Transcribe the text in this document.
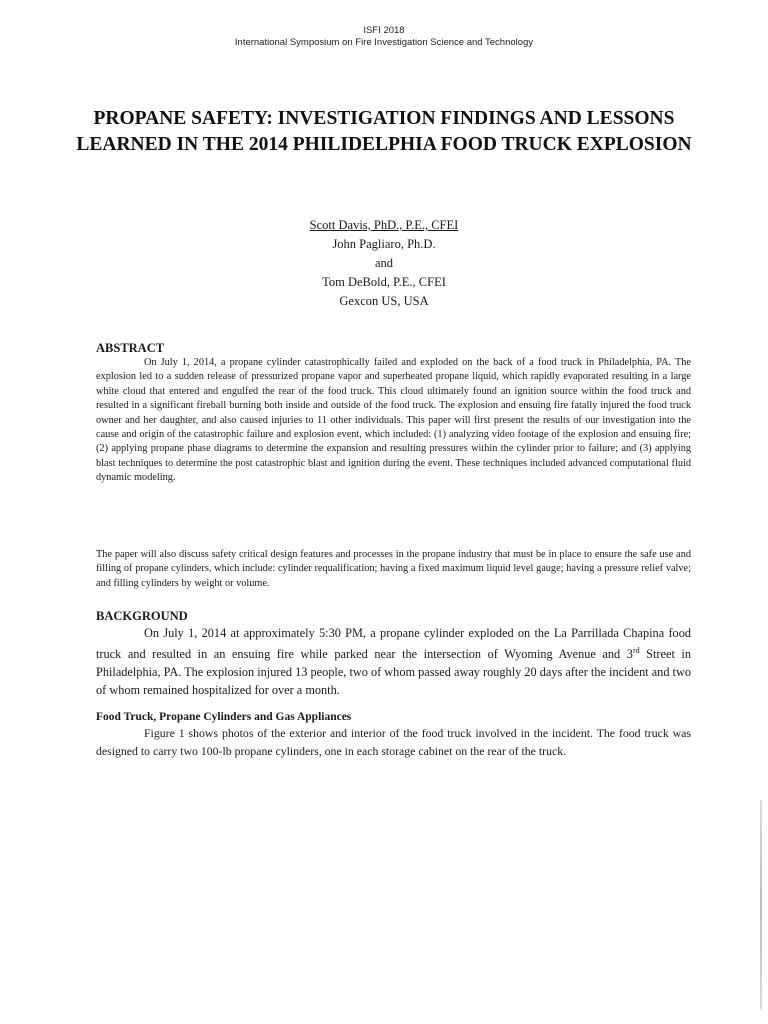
ISFI 2018
International Symposium on Fire Investigation Science and Technology
PROPANE SAFETY: INVESTIGATION FINDINGS AND LESSONS LEARNED IN THE 2014 PHILIDELPHIA FOOD TRUCK EXPLOSION
Scott Davis, PhD., P.E., CFEI
John Pagliaro, Ph.D.
and
Tom DeBold, P.E., CFEI
Gexcon US, USA

ABSTRACT

On July 1, 2014, a propane cylinder catastrophically failed and exploded on the back of a food truck in Philadelphia, PA. The explosion led to a sudden release of pressurized propane vapor and superheated propane liquid, which rapidly evaporated resulting in a large white cloud that entered and engulfed the rear of the food truck. This cloud ultimately found an ignition source within the food truck and resulted in a significant fireball burning both inside and outside of the food truck. The explosion and ensuing fire fatally injured the food truck owner and her daughter, and also caused injuries to 11 other individuals. This paper will first present the results of our investigation into the cause and origin of the catastrophic failure and explosion event, which included: (1) analyzing video footage of the explosion and ensuing fire; (2) applying propane phase diagrams to determine the expansion and resulting pressures within the cylinder prior to failure; and (3) applying blast techniques to determine the post catastrophic blast and ignition during the event. These techniques included advanced computational fluid dynamic modeling.

The paper will also discuss safety critical design features and processes in the propane industry that must be in place to ensure the safe use and filling of propane cylinders, which include: cylinder requalification; having a fixed maximum liquid level gauge; having a pressure relief valve; and filling cylinders by weight or volume.

BACKGROUND

On July 1, 2014 at approximately 5:30 PM, a propane cylinder exploded on the La Parrillada Chapina food truck and resulted in an ensuing fire while parked near the intersection of Wyoming Avenue and 3rd Street in Philadelphia, PA. The explosion injured 13 people, two of whom passed away roughly 20 days after the incident and two of whom remained hospitalized for over a month.

Food Truck, Propane Cylinders and Gas Appliances

Figure 1 shows photos of the exterior and interior of the food truck involved in the incident. The food truck was designed to carry two 100-lb propane cylinders, one in each storage cabinet on the rear of the truck.
